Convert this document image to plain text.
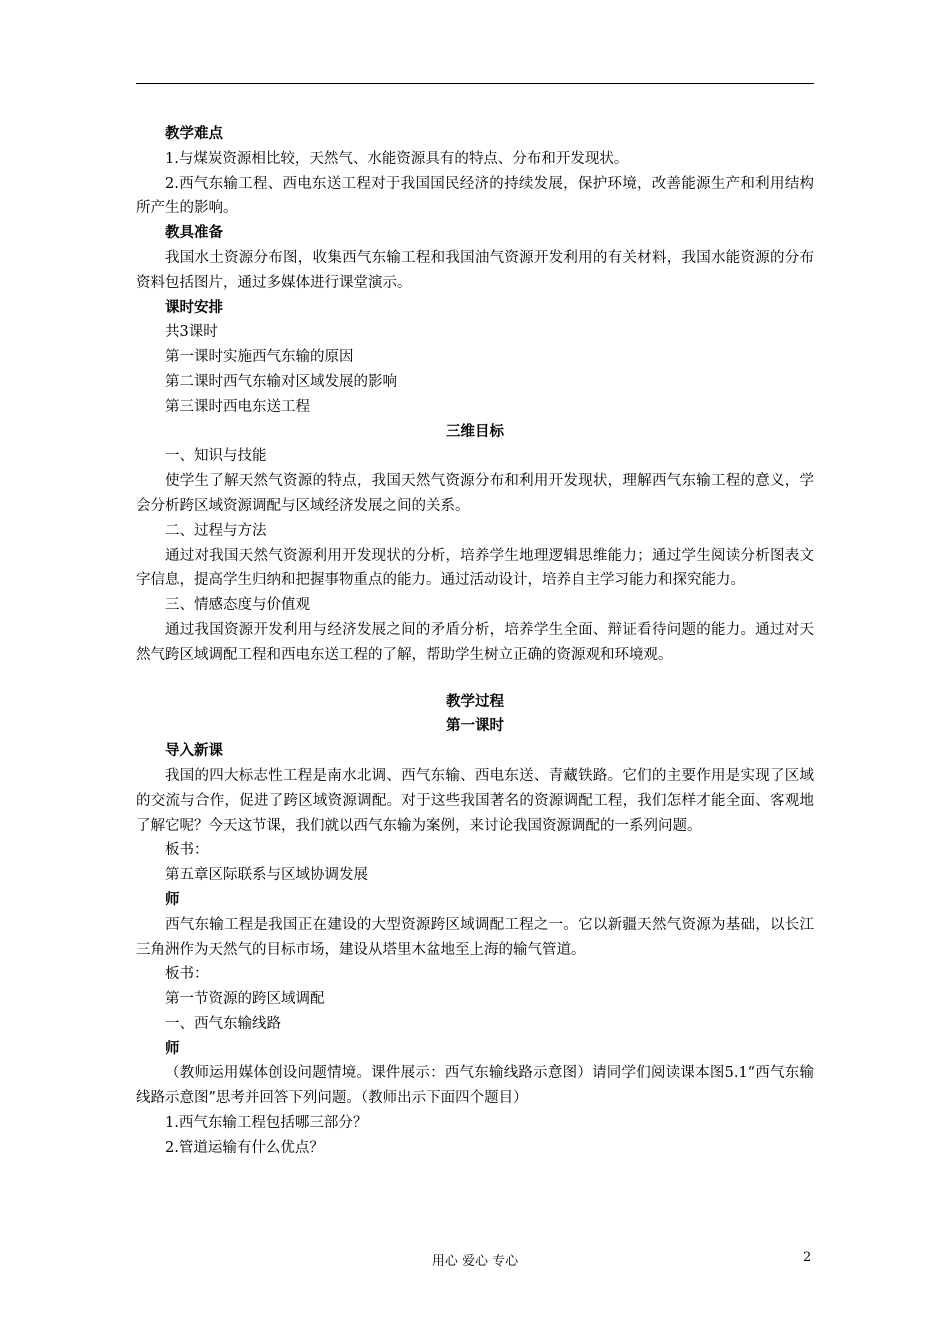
教学难点

1.与煤炭资源相比较，天然气、水能资源具有的特点、分布和开发现状。

2.西气东输工程、西电东送工程对于我国国民经济的持续发展，保护环境，改善能源生产和利用结构所产生的影响。

教具准备

我国水土资源分布图，收集西气东输工程和我国油气资源开发利用的有关材料，我国水能资源的分布资料包括图片，通过多媒体进行课堂演示。

课时安排

共3课时

第一课时实施西气东输的原因

第二课时西气东输对区域发展的影响

第三课时西电东送工程

三维目标

一、知识与技能

使学生了解天然气资源的特点，我国天然气资源分布和利用开发现状，理解西气东输工程的意义，学会分析跨区域资源调配与区域经济发展之间的关系。

二、过程与方法

通过对我国天然气资源利用开发现状的分析，培养学生地理逻辑思维能力；通过学生阅读分析图表文字信息，提高学生归纳和把握事物重点的能力。通过活动设计，培养自主学习能力和探究能力。

三、情感态度与价值观

通过我国资源开发利用与经济发展之间的矛盾分析，培养学生全面、辩证看待问题的能力。通过对天然气跨区域调配工程和西电东送工程的了解，帮助学生树立正确的资源观和环境观。

教学过程

第一课时

导入新课

我国的四大标志性工程是南水北调、西气东输、西电东送、青藏铁路。它们的主要作用是实现了区域的交流与合作，促进了跨区域资源调配。对于这些我国著名的资源调配工程，我们怎样才能全面、客观地了解它呢？今天这节课，我们就以西气东输为案例，来讨论我国资源调配的一系列问题。

板书：

第五章区际联系与区域协调发展

师

西气东输工程是我国正在建设的大型资源跨区域调配工程之一。它以新疆天然气资源为基础，以长江三角洲作为天然气的目标市场，建设从塔里木盆地至上海的输气管道。

板书：

第一节资源的跨区域调配

一、西气东输线路

师

（教师运用媒体创设问题情境。课件展示：西气东输线路示意图）请同学们阅读课本图5.1“西气东输线路示意图”思考并回答下列问题。（教师出示下面四个题目）

1.西气东输工程包括哪三部分？

2.管道运输有什么优点？

用心 爱心 专心	2
